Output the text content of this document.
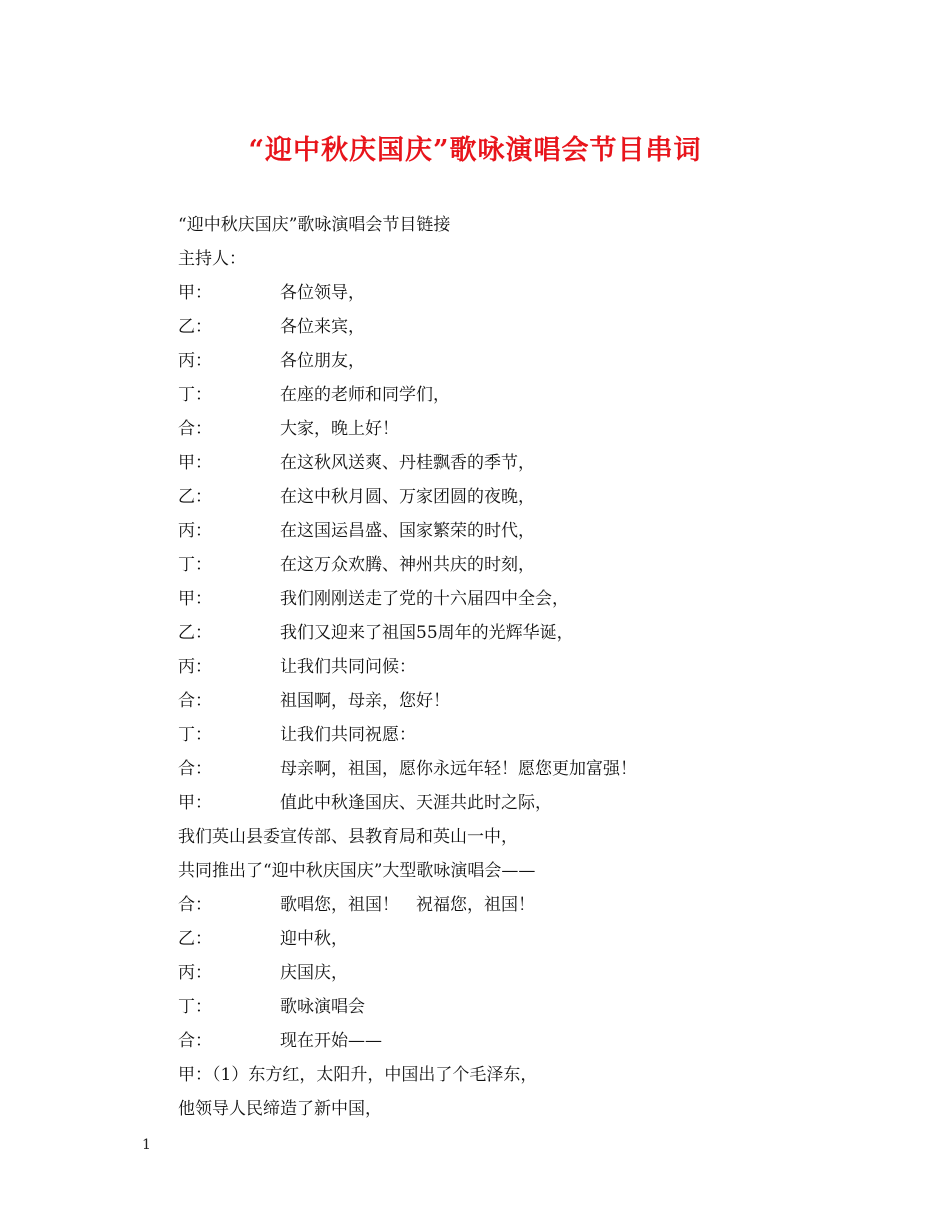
“迎中秋庆国庆”歌咏演唱会节目串词
“迎中秋庆国庆”歌咏演唱会节目链接
主持人：
甲：	各位领导，
乙：	各位来宾，
丙：	各位朋友，
丁：	在座的老师和同学们，
合：	大家，晚上好！
甲：	在这秋风送爽、丹桂飘香的季节，
乙：	在这中秋月圆、万家团圆的夜晚，
丙：	在这国运昌盛、国家繁荣的时代，
丁：	在这万众欢腾、神州共庆的时刻，
甲：	我们刚刚送走了党的十六届四中全会，
乙：	我们又迎来了祖国55周年的光辉华诞，
丙：	让我们共同问候：
合：	祖国啊，母亲，您好！
丁：	让我们共同祝愿：
合：	母亲啊，祖国，愿你永远年轻！愿您更加富强！
甲：	值此中秋逢国庆、天涯共此时之际，
我们英山县委宣传部、县教育局和英山一中，
共同推出了“迎中秋庆国庆”大型歌咏演唱会——
合：	歌唱您，祖国！　祝福您，祖国！
乙：	迎中秋，
丙：	庆国庆，
丁：	歌咏演唱会
合：	现在开始——
甲：（1）东方红，太阳升，中国出了个毛泽东，
他领导人民缔造了新中国，
1
